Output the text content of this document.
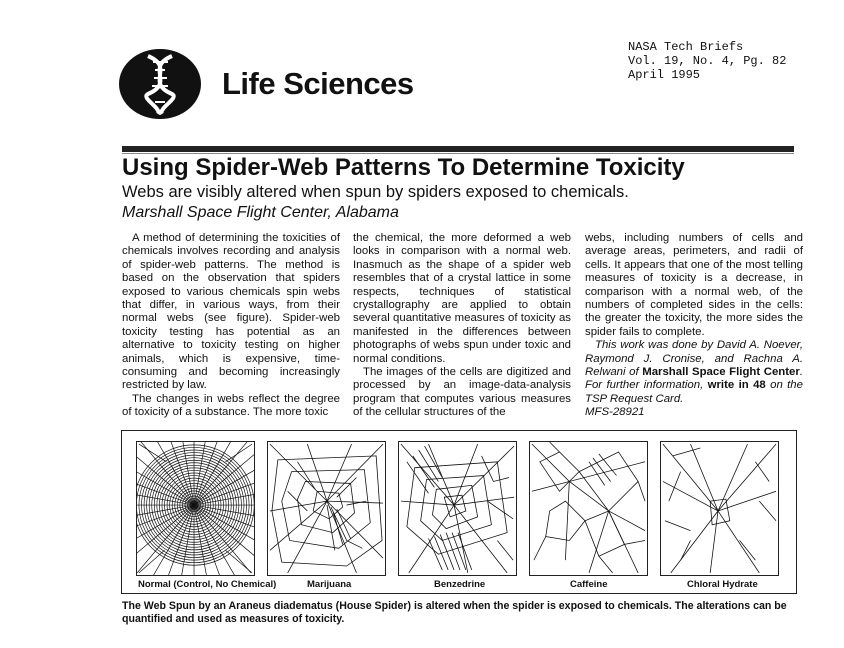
Life Sciences
NASA Tech Briefs
Vol. 19, No. 4, Pg. 82
April 1995
Using Spider-Web Patterns To Determine Toxicity
Webs are visibly altered when spun by spiders exposed to chemicals.
Marshall Space Flight Center, Alabama

A method of determining the toxicities of chemicals involves recording and analysis of spider-web patterns. The method is based on the observation that spiders exposed to various chemicals spin webs that differ, in various ways, from their normal webs (see figure). Spider-web toxicity testing has potential as an alternative to toxicity testing on higher animals, which is expensive, time-consuming and becoming increasingly restricted by law.

The changes in webs reflect the degree of toxicity of a substance. The more toxic

the chemical, the more deformed a web looks in comparison with a normal web. Inasmuch as the shape of a spider web resembles that of a crystal lattice in some respects, techniques of statistical crystallography are applied to obtain several quantitative measures of toxicity as manifested in the differences between photographs of webs spun under toxic and normal conditions.

The images of the cells are digitized and processed by an image-data-analysis program that computes various measures of the cellular structures of the

webs, including numbers of cells and average areas, perimeters, and radii of cells. It appears that one of the most telling measures of toxicity is a decrease, in comparison with a normal web, of the numbers of completed sides in the cells: the greater the toxicity, the more sides the spider fails to complete.

This work was done by David A. Noever, Raymond J. Cronise, and Rachna A. Relwani of Marshall Space Flight Center. For further information, write in 48 on the TSP Request Card.
MFS-28921

Normal (Control, No Chemical)	Marijuana	Benzedrine	Caffeine	Chloral Hydrate
The Web Spun by an Araneus diadematus (House Spider) is altered when the spider is exposed to chemicals. The alterations can be quantified and used as measures of toxicity.
